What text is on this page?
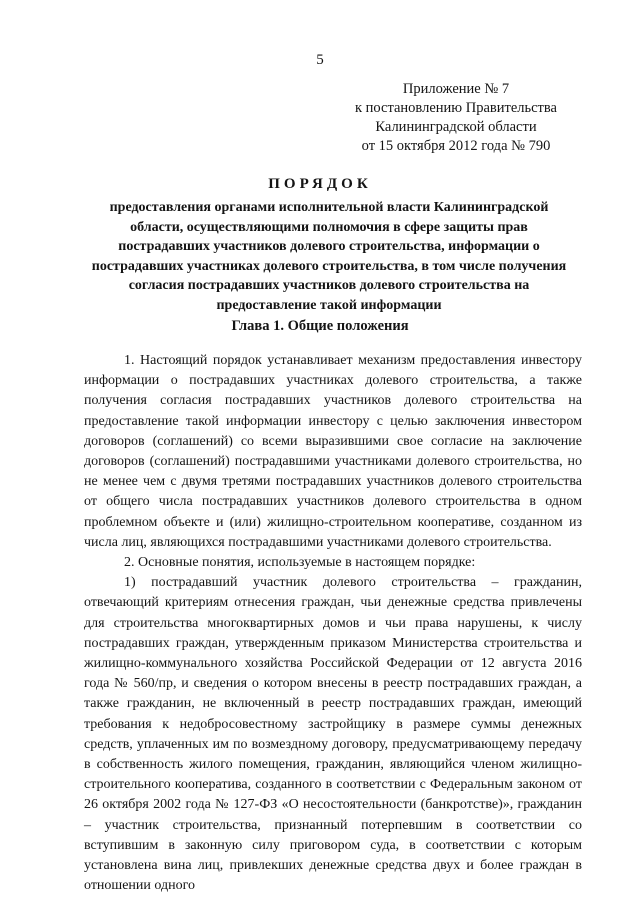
5
Приложение № 7
к постановлению Правительства
Калининградской области
от 15 октября 2012 года № 790
ПОРЯДОК
предоставления органами исполнительной власти Калининградской области, осуществляющими полномочия в сфере защиты прав пострадавших участников долевого строительства, информации о пострадавших участниках долевого строительства, в том числе получения согласия пострадавших участников долевого строительства на предоставление такой информации
Глава 1. Общие положения

1. Настоящий порядок устанавливает механизм предоставления инвестору информации о пострадавших участниках долевого строительства, а также получения согласия пострадавших участников долевого строительства на предоставление такой информации инвестору с целью заключения инвестором договоров (соглашений) со всеми выразившими свое согласие на заключение договоров (соглашений) пострадавшими участниками долевого строительства, но не менее чем с двумя третями пострадавших участников долевого строительства от общего числа пострадавших участников долевого строительства в одном проблемном объекте и (или) жилищно-строительном кооперативе, созданном из числа лиц, являющихся пострадавшими участниками долевого строительства.

2. Основные понятия, используемые в настоящем порядке:

1) пострадавший участник долевого строительства – гражданин, отвечающий критериям отнесения граждан, чьи денежные средства привлечены для строительства многоквартирных домов и чьи права нарушены, к числу пострадавших граждан, утвержденным приказом Министерства строительства и жилищно-коммунального хозяйства Российской Федерации от 12 августа 2016 года № 560/пр, и сведения о котором внесены в реестр пострадавших граждан, а также гражданин, не включенный в реестр пострадавших граждан, имеющий требования к недобросовестному застройщику в размере суммы денежных средств, уплаченных им по возмездному договору, предусматривающему передачу в собственность жилого помещения, гражданин, являющийся членом жилищно-строительного кооператива, созданного в соответствии с Федеральным законом от 26 октября 2002 года № 127-ФЗ «О несостоятельности (банкротстве)», гражданин – участник строительства, признанный потерпевшим в соответствии со вступившим в законную силу приговором суда, в соответствии с которым установлена вина лиц, привлекших денежные средства двух и более граждан в отношении одного
